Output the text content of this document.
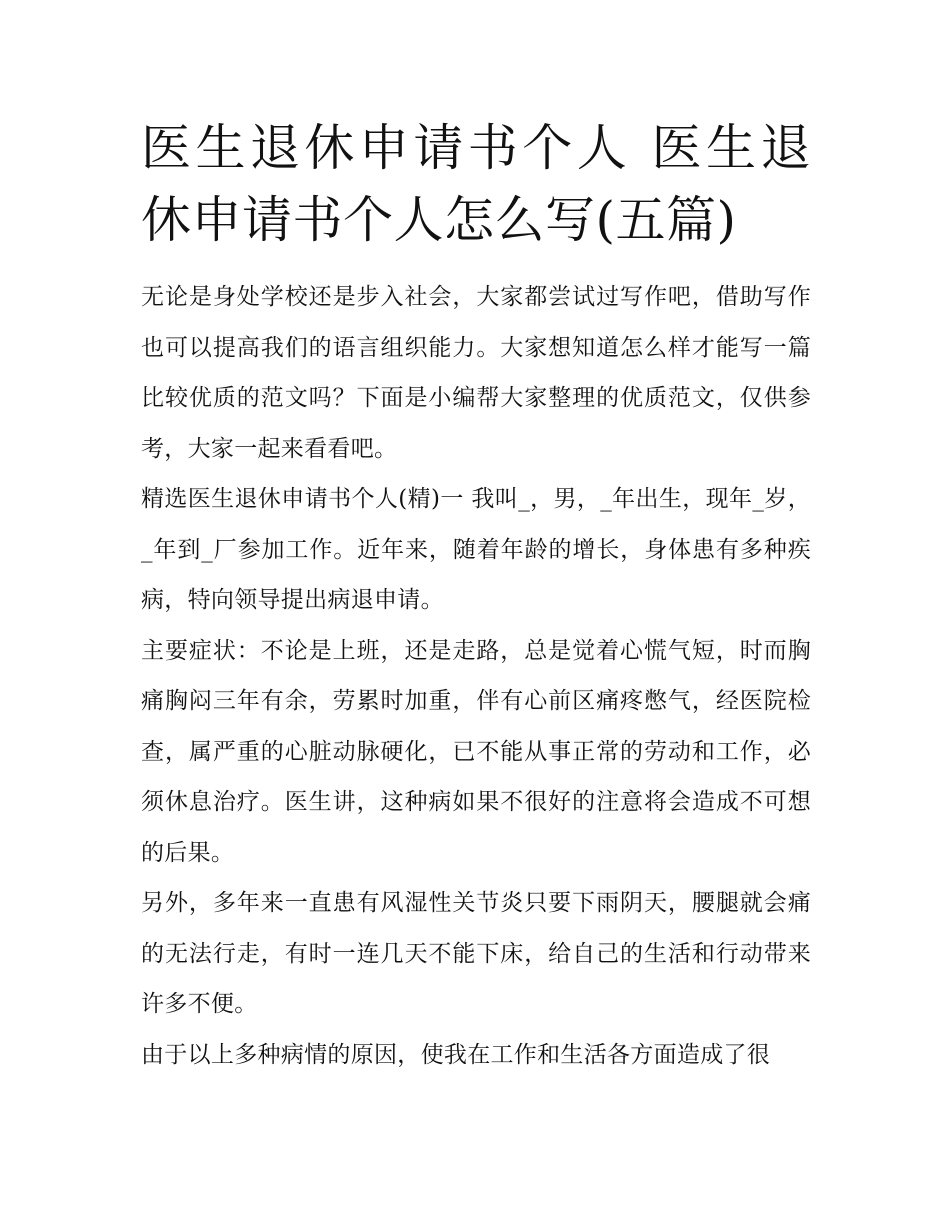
医生退休申请书个人 医生退休申请书个人怎么写(五篇)

无论是身处学校还是步入社会，大家都尝试过写作吧，借助写作也可以提高我们的语言组织能力。大家想知道怎么样才能写一篇比较优质的范文吗？下面是小编帮大家整理的优质范文，仅供参考，大家一起来看看吧。

精选医生退休申请书个人(精)一 我叫_，男，_年出生，现年_岁，_年到_厂参加工作。近年来，随着年龄的增长，身体患有多种疾病，特向领导提出病退申请。

主要症状：不论是上班，还是走路，总是觉着心慌气短，时而胸痛胸闷三年有余，劳累时加重，伴有心前区痛疼憋气，经医院检查，属严重的心脏动脉硬化，已不能从事正常的劳动和工作，必须休息治疗。医生讲，这种病如果不很好的注意将会造成不可想的后果。

另外，多年来一直患有风湿性关节炎只要下雨阴天，腰腿就会痛的无法行走，有时一连几天不能下床，给自己的生活和行动带来许多不便。

由于以上多种病情的原因，使我在工作和生活各方面造成了很
